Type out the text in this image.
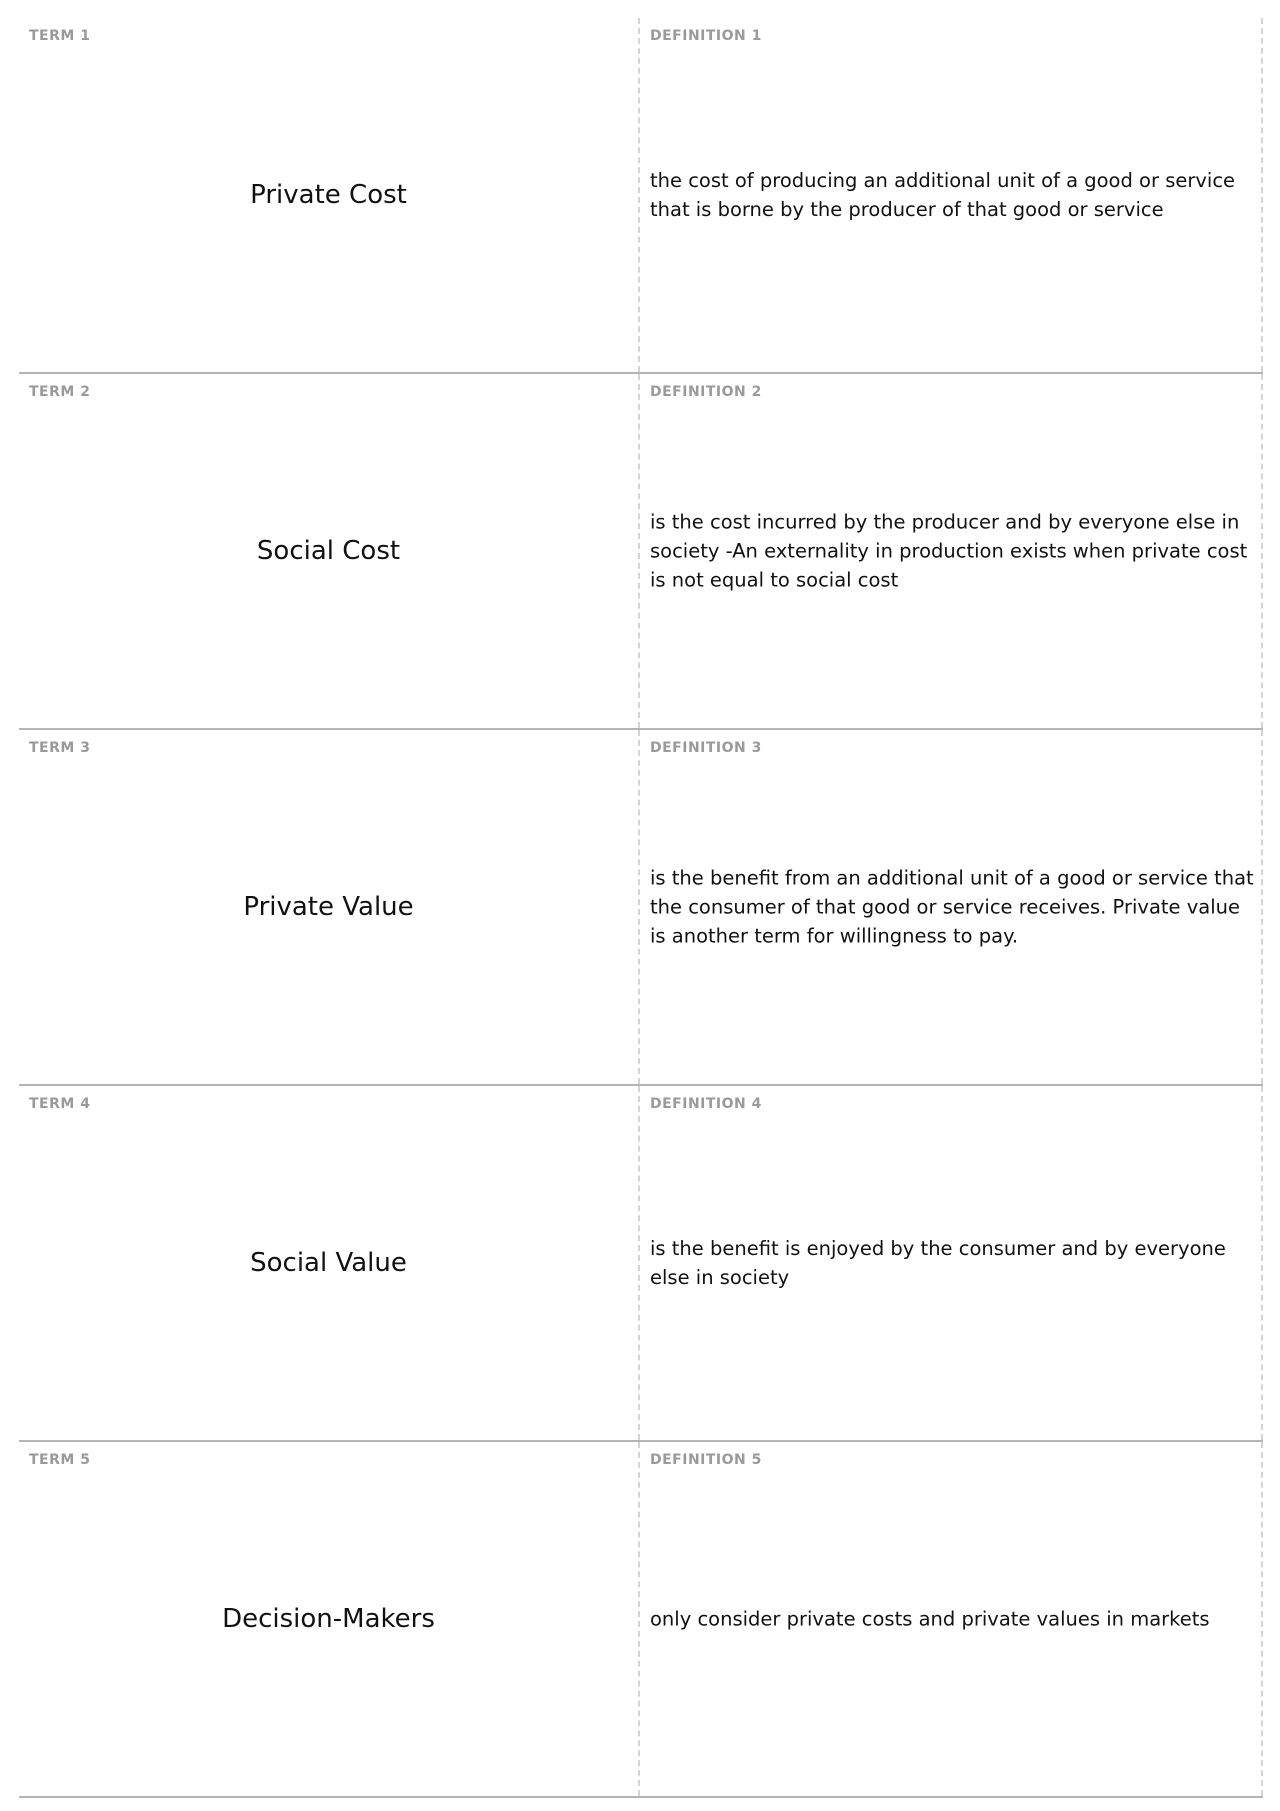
TERM 1
Private Cost
DEFINITION 1
the cost of producing an additional unit of a good or service that is borne by the producer of that good or service
TERM 2
Social Cost
DEFINITION 2
is the cost incurred by the producer and by everyone else in society -An externality in production exists when private cost is not equal to social cost
TERM 3
Private Value
DEFINITION 3
is the benefit from an additional unit of a good or service that the consumer of that good or service receives. Private value is another term for willingness to pay.
TERM 4
Social Value
DEFINITION 4
is the benefit is enjoyed by the consumer and by everyone else in society
TERM 5
Decision-Makers
DEFINITION 5
only consider private costs and private values in markets
